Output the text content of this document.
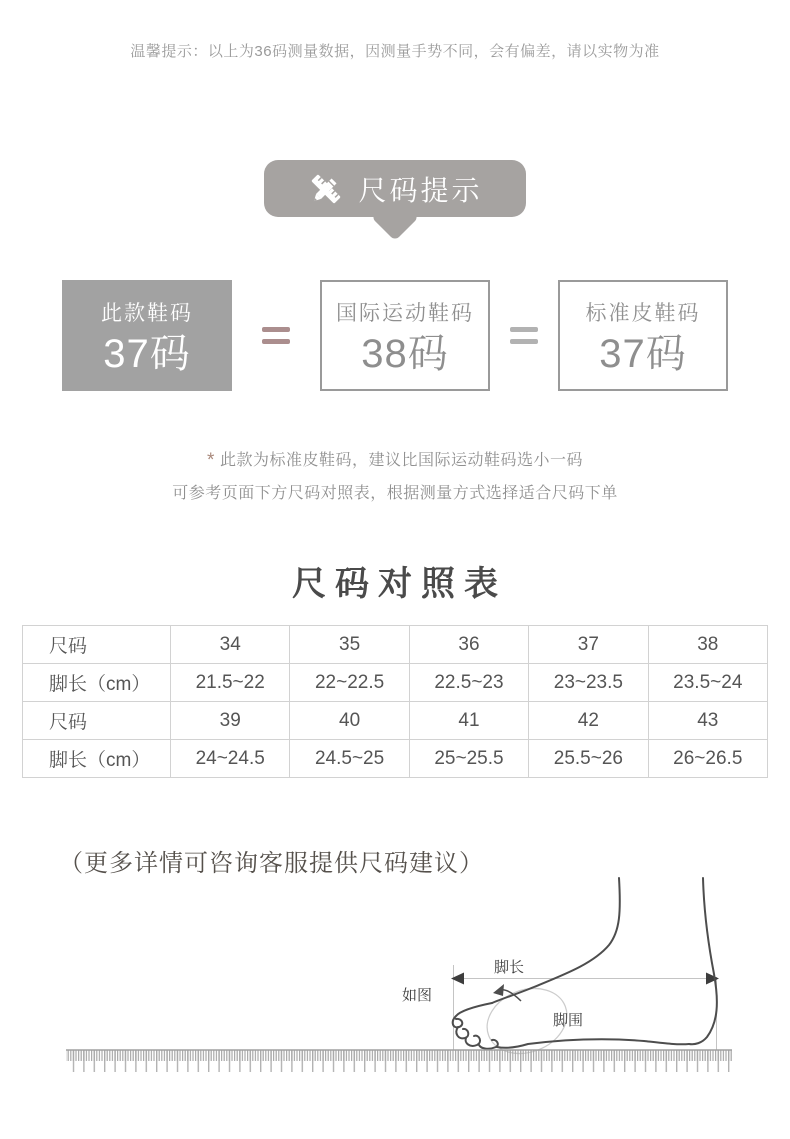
温馨提示：以上为36码测量数据，因测量手势不同，会有偏差，请以实物为准
尺码提示
此款鞋码
37码
国际运动鞋码
38码
标准皮鞋码
37码
* 此款为标准皮鞋码，建议比国际运动鞋码选小一码
可参考页面下方尺码对照表，根据测量方式选择适合尺码下单
尺码对照表
尺码	34	35	36	37	38
脚长（cm）	21.5~22	22~22.5	22.5~23	23~23.5	23.5~24
尺码	39	40	41	42	43
脚长（cm）	24~24.5	24.5~25	25~25.5	25.5~26	26~26.5
（更多详情可咨询客服提供尺码建议）
脚长
如图
脚围
